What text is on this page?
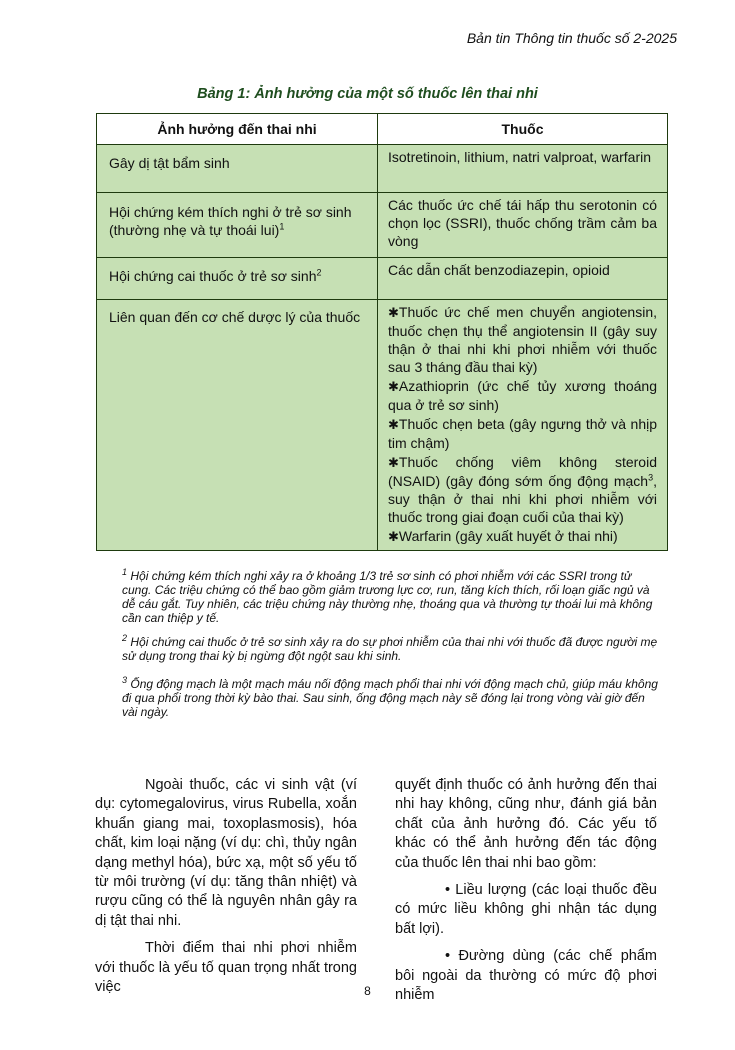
Bản tin Thông tin thuốc số 2-2025
Bảng 1: Ảnh hưởng của một số thuốc lên thai nhi
Ảnh hưởng đến thai nhi	Thuốc
Gây dị tật bẩm sinh	Isotretinoin, lithium, natri valproat, warfarin
Hội chứng kém thích nghi ở trẻ sơ sinh (thường nhẹ và tự thoái lui)$^1$	Các thuốc ức chế tái hấp thu serotonin có chọn lọc (SSRI), thuốc chống trầm cảm ba vòng
Hội chứng cai thuốc ở trẻ sơ $\sinh^2$	Các dẫn chất benzodiazepin, opioid
Liên quan đến cơ chế dược lý của thuốc	✱Thuốc ức chế men chuyển angiotensin, thuốc chẹn thụ thể angiotensin II (gây suy thận ở thai nhi khi phơi nhiễm với thuốc sau 3 tháng đầu thai kỳ)
✱Azathioprin (ức chế tủy xương thoáng qua ở trẻ sơ sinh)
✱Thuốc chẹn beta (gây ngưng thở và nhịp tim chậm)
✱Thuốc chống viêm không steroid (NSAID) (gây đóng sớm ống động mạch$^3$, suy thận ở thai nhi khi phơi nhiễm với thuốc trong giai đoạn cuối của thai kỳ)
✱Warfarin (gây xuất huyết ở thai nhi)
$^1$ Hội chứng kém thích nghi xảy ra ở khoảng 1/3 trẻ sơ sinh có phơi nhiễm với các SSRI trong tử cung. Các triệu chứng có thể bao gồm giảm trương lực cơ, run, tăng kích thích, rối loạn giấc ngủ và dễ cáu gắt. Tuy nhiên, các triệu chứng này thường nhẹ, thoáng qua và thường tự thoái lui mà không cần can thiệp y tế.
$^2$ Hội chứng cai thuốc ở trẻ sơ sinh xảy ra do sự phơi nhiễm của thai nhi với thuốc đã được người mẹ sử dụng trong thai kỳ bị ngừng đột ngột sau khi sinh.
$^3$ Ống động mạch là một mạch máu nối động mạch phổi thai nhi với động mạch chủ, giúp máu không đi qua phổi trong thời kỳ bào thai. Sau sinh, ống động mạch này sẽ đóng lại trong vòng vài giờ đến vài ngày.

Ngoài thuốc, các vi sinh vật (ví dụ: cytomegalovirus, virus Rubella, xoắn khuẩn giang mai, toxoplasmosis), hóa chất, kim loại nặng (ví dụ: chì, thủy ngân dạng methyl hóa), bức xạ, một số yếu tố từ môi trường (ví dụ: tăng thân nhiệt) và rượu cũng có thể là nguyên nhân gây ra dị tật thai nhi.

Thời điểm thai nhi phơi nhiễm với thuốc là yếu tố quan trọng nhất trong việc

quyết định thuốc có ảnh hưởng đến thai nhi hay không, cũng như, đánh giá bản chất của ảnh hưởng đó. Các yếu tố khác có thể ảnh hưởng đến tác động của thuốc lên thai nhi bao gồm:

• Liều lượng (các loại thuốc đều có mức liều không ghi nhận tác dụng bất lợi).

• Đường dùng (các chế phẩm bôi ngoài da thường có mức độ phơi nhiễm

8
